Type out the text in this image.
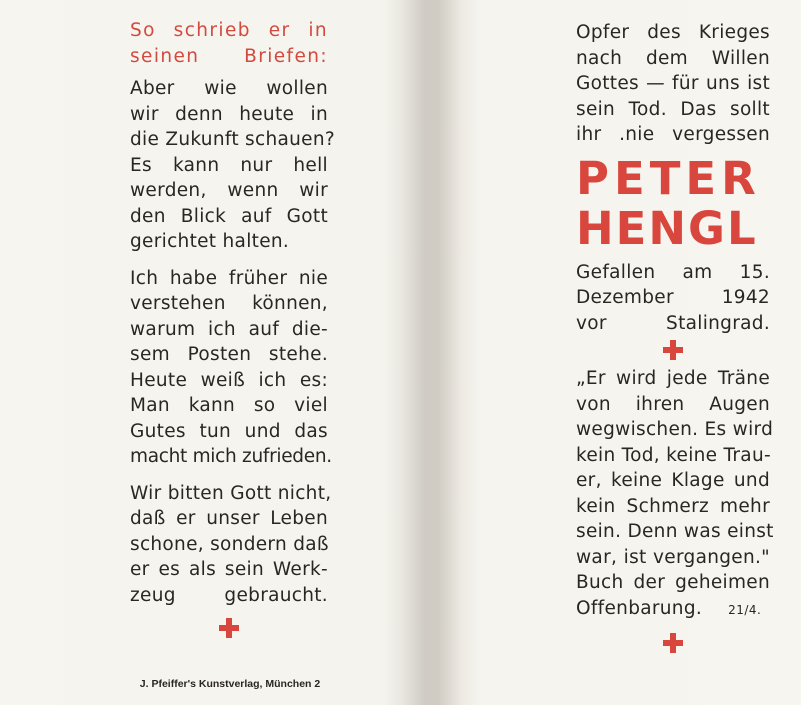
So schrieb er in
seinen Briefen:
Aber wie wollen
wir denn heute in
die Zukunft schauen?
Es kann nur hell
werden, wenn wir
den Blick auf Gott
gerichtet halten.
Ich habe früher nie
verstehen können,
warum ich auf die-
sem Posten stehe.
Heute weiß ich es:
Man kann so viel
Gutes tun und das
macht mich zufrieden.
Wir bitten Gott nicht,
daß er unser Leben
schone, sondern daß
er es als sein Werk-
zeug gebraucht.
J. Pfeiffer's Kunstverlag, München 2
Opfer des Krieges
nach dem Willen
Gottes — für uns ist
sein Tod. Das sollt
ihr .nie vergessen
PETER
HENGL
Gefallen am 15.
Dezember 1942
vor Stalingrad.
„Er wird jede Träne
von ihren Augen
wegwischen. Es wird
kein Tod, keine Trau-
er, keine Klage und
kein Schmerz mehr
sein. Denn was einst
war, ist vergangen."
Buch der geheimen
Offenbarung. 21/4.
